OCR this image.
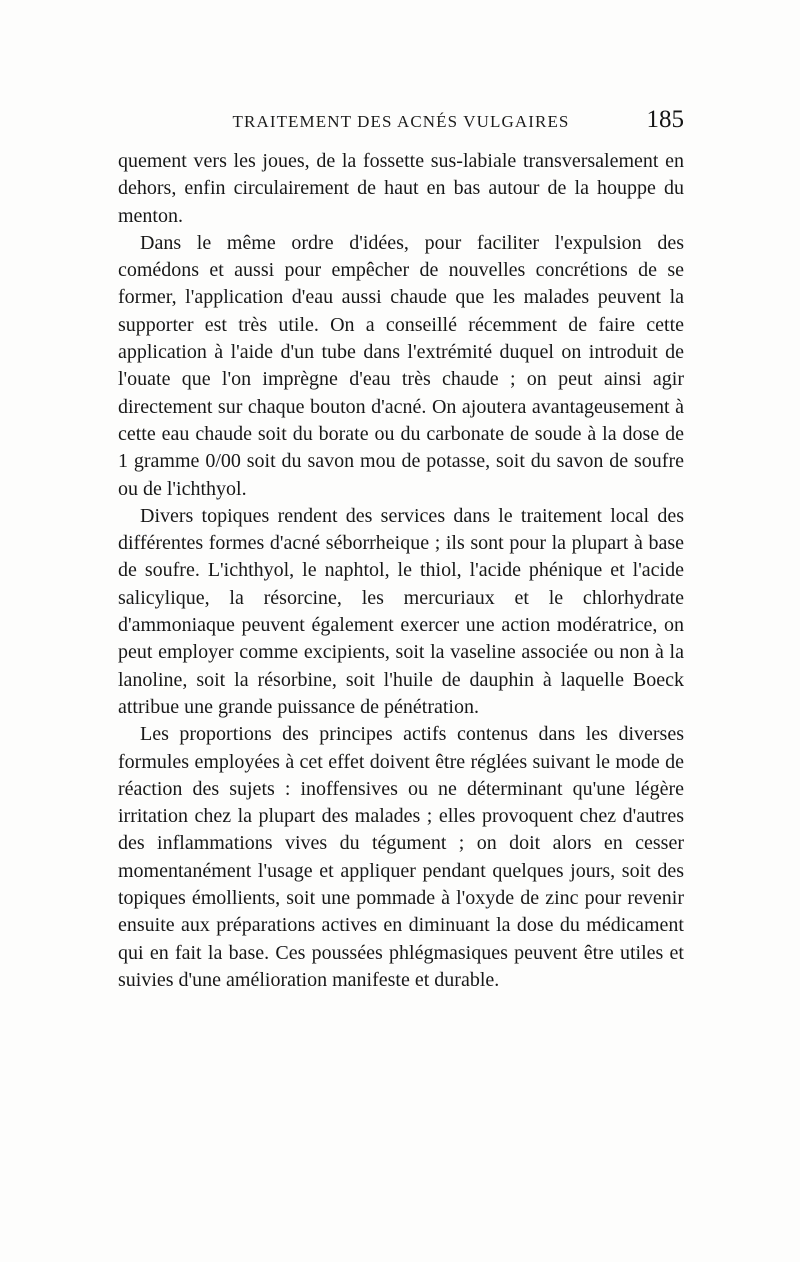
TRAITEMENT DES ACNÉS VULGAIRES	185

quement vers les joues, de la fossette sus-labiale transversalement en dehors, enfin circulairement de haut en bas autour de la houppe du menton.

Dans le même ordre d'idées, pour faciliter l'expulsion des comédons et aussi pour empêcher de nouvelles concrétions de se former, l'application d'eau aussi chaude que les malades peuvent la supporter est très utile. On a conseillé récemment de faire cette application à l'aide d'un tube dans l'extrémité duquel on introduit de l'ouate que l'on imprègne d'eau très chaude ; on peut ainsi agir directement sur chaque bouton d'acné. On ajoutera avantageusement à cette eau chaude soit du borate ou du carbonate de soude à la dose de 1 gramme 0/00 soit du savon mou de potasse, soit du savon de soufre ou de l'ichthyol.

Divers topiques rendent des services dans le traitement local des différentes formes d'acné séborrheique ; ils sont pour la plupart à base de soufre. L'ichthyol, le naphtol, le thiol, l'acide phénique et l'acide salicylique, la résorcine, les mercuriaux et le chlorhydrate d'ammoniaque peuvent également exercer une action modératrice, on peut employer comme excipients, soit la vaseline associée ou non à la lanoline, soit la résorbine, soit l'huile de dauphin à laquelle Boeck attribue une grande puissance de pénétration.

Les proportions des principes actifs contenus dans les diverses formules employées à cet effet doivent être réglées suivant le mode de réaction des sujets : inoffensives ou ne déterminant qu'une légère irritation chez la plupart des malades ; elles provoquent chez d'autres des inflammations vives du tégument ; on doit alors en cesser momentanément l'usage et appliquer pendant quelques jours, soit des topiques émollients, soit une pommade à l'oxyde de zinc pour revenir ensuite aux préparations actives en diminuant la dose du médicament qui en fait la base. Ces poussées phlégmasiques peuvent être utiles et suivies d'une amélioration manifeste et durable.
